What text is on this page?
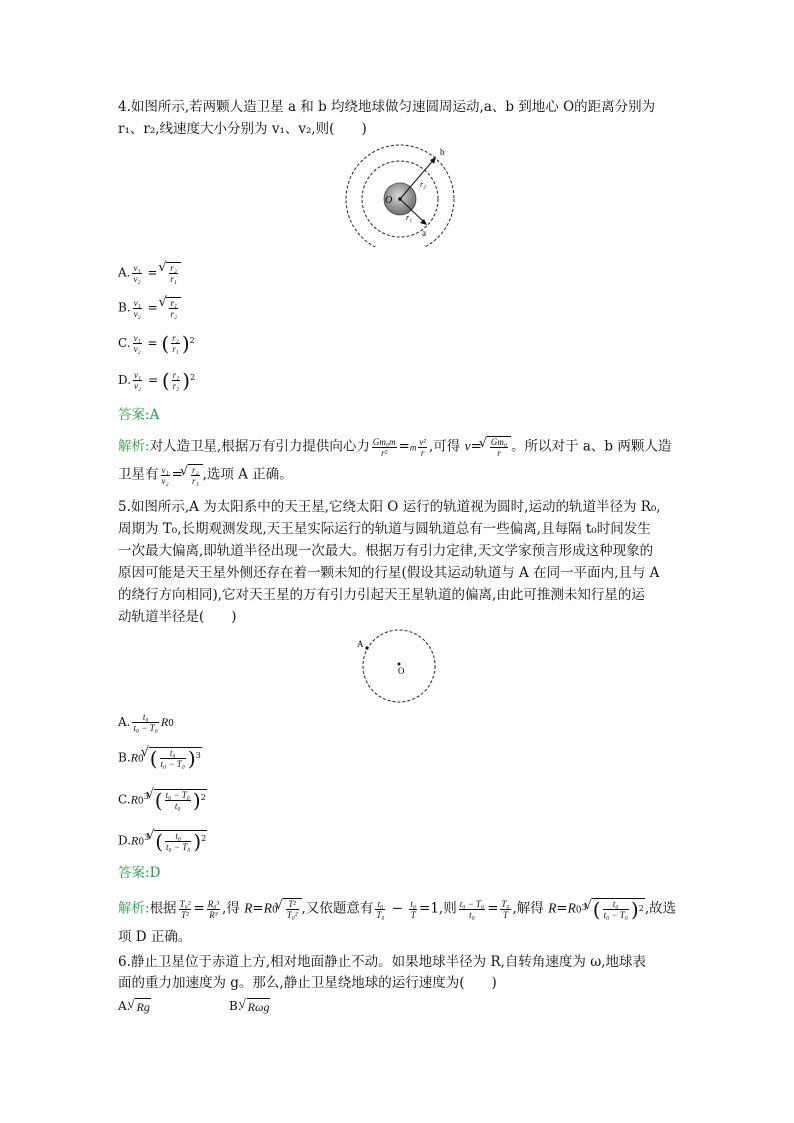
4.如图所示,若两颗人造卫星 a 和 b 均绕地球做匀速圆周运动,a、b 到地心 O的距离分别为
r₁、r₂,线速度大小分别为 v₁、v₂,则(　　)
O
r₂
r₁
b
a
A. $\frac{\text{v₁}}{\text{v₂}}$ =
√ $\frac{\text{r₂}}{\text{r₁}}$
B. $\frac{\text{v₁}}{\text{v₂}}$ =
√ $\frac{\text{r₁}}{\text{r₂}}$
C. $\frac{\text{v₁}}{\text{v₂}}$ = ( $\frac{\text{r₂}}{\text{r₁}} )^2$
D. $\frac{\text{v₁}}{\text{v₂}}$ = ( $\frac{\text{r₁}}{\text{r₂}} )^2$
答案:A
解析:对人造卫星,根据万有引力提供向心力 $\frac{\text{Gm₀m}}{\text{r²}} =m \frac{\text{v²}}{r}$ ,可得 v=
√ $\frac{\text{Gm₀}}{r}$ 。所以对于 a、b 两颗人造
卫星有 $\frac{\text{v₁}}{\text{v₂}}$ =
√ $\frac{\text{r₂}}{\text{r₁}}$ ,选项 A 正确。
5.如图所示,A 为太阳系中的天王星,它绕太阳 O 运行的轨道视为圆时,运动的轨道半径为 R₀,
周期为 T₀,长期观测发现,天王星实际运行的轨道与圆轨道总有一些偏离,且每隔 t₀时间发生
一次最大偏离,即轨道半径出现一次最大。根据万有引力定律,天文学家预言形成这种现象的
原因可能是天王星外侧还存在着一颗未知的行星(假设其运动轨道与 A 在同一平面内,且与 A
的绕行方向相同),它对天王星的万有引力引起天王星轨道的偏离,由此可推测未知行星的运
动轨道半径是(　　)
A
O
A. $\frac{\text{t₀}}{\text{t₀ − T₀}} R0$
B.R0√ ( $\frac{\text{t₀}}{\text{t₀ − T₀}} )^3$
$C.R0^3√$ ( $\frac{\text{t₀ − T₀}}{\text{t₀}} )^2$
$D.R0^3√$ ( $\frac{\text{t₀}}{\text{t₀ − T₀}} )^2$
答案:D
解析:根据 $\frac{\text{T₀²}}{\text{T²}} = \frac{\text{R₀³}}{\text{R³}}$ ,得 R=R0
√ $\frac{\text{T²}}{\text{T₀²}}$ ,又依题意有 $\frac{\text{t₀}}{\text{T₀}} - \frac{\text{t₀}}{T} =1$,则 $\frac{\text{t₀ − T₀}}{\text{t₀}} = \frac{\text{T₀}}{T}$ ,解得 $R=R0^3√$ ( $\frac{\text{t₀}}{\text{t₀ − T₀}} )^2$,故选
项 D 正确。
6.静止卫星位于赤道上方,相对地面静止不动。如果地球半径为 R,自转角速度为 ω,地球表
面的重力加速度为 g。那么,静止卫星绕地球的运行速度为(　　)
A.√ Rg	B.√ Rωg
